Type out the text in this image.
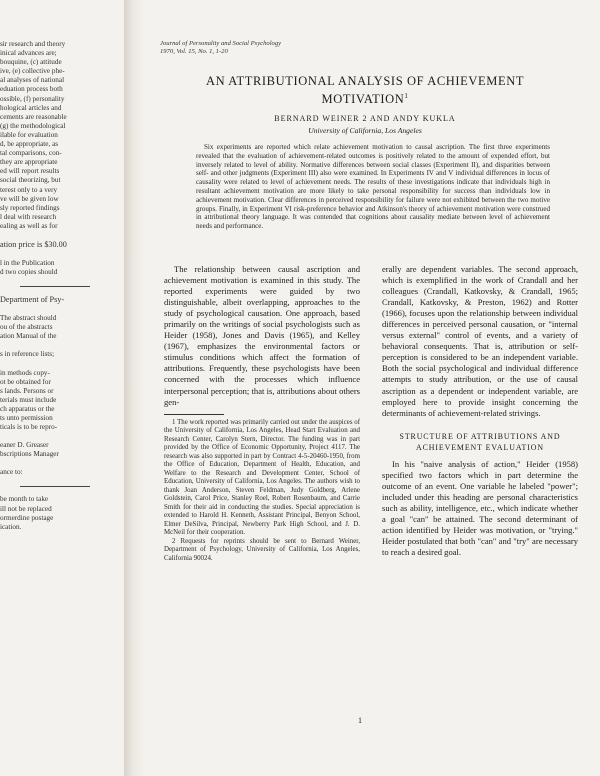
sir research and theory

inical advances are;

bouquine, (c) attitude

ive, (e) collective phe-

al analyses of national

eduation process both

ossible, (f) personality

hological articles and

cements are reasonable

(g) the methodological

ilable for evaluation

d, be appropriate, as

tal comparisons, con-

they are appropriate

ed will report results

social theorizing, but

terest only to a very

ve will be given low

sly reported findings

l deal with research

ealing as well as for

ation price is $30.00

l in the Publication

d two copies should

Department of Psy-

The abstract should

ou of the abstracts

ation Manual of the

s in reference lists;

in methods copy-

ot be obtained for

s lands. Persons or

terials must include

ch apparatus or the

ts unto permission

ticals is to be repro-

eaner D. Greaser

bscriptions Manager

ance to:

be month to take

ill not be replaced

ormerdine postage

ication.

Journal of Personality and Social Psychology

1970, Vol. 15, No. 1, 1-20

AN ATTRIBUTIONAL ANALYSIS OF ACHIEVEMENT
MOTIVATION$^1$
BERNARD WEINER 2 AND ANDY KUKLA
University of California, Los Angeles

Six experiments are reported which relate achievement motivation to causal ascription. The first three experiments revealed that the evaluation of achievement-related outcomes is positively related to the amount of expended effort, but inversely related to level of ability. Normative differences between social classes (Experiment II), and disparities between self- and other judgments (Experiment III) also were examined. In Experiments IV and V individual differences in locus of causality were related to level of achievement needs. The results of these investigations indicate that individuals high in resultant achievement motivation are more likely to take personal responsibility for success than individuals low in achievement motivation. Clear differences in perceived responsibility for failure were not exhibited between the two motive groups. Finally, in Experiment VI risk-preference behavior and Atkinson's theory of achievement motivation were construed in attributional theory language. It was contended that cognitions about causality mediate between level of achievement needs and performance.

The relationship between causal ascription and achievement motivation is examined in this study. The reported experiments were guided by two distinguishable, albeit overlapping, approaches to the study of psychological causation. One approach, based primarily on the writings of social psychologists such as Heider (1958), Jones and Davis (1965), and Kelley (1967), emphasizes the environmental factors or stimulus conditions which affect the formation of attributions. Frequently, these psychologists have been concerned with the processes which influence interpersonal perception; that is, attributions about others gen-

1 The work reported was primarily carried out under the auspices of the University of California, Los Angeles, Head Start Evaluation and Research Center, Carolyn Stern, Director. The funding was in part provided by the Office of Economic Opportunity, Project 4117. The research was also supported in part by Contract 4-5-20460-1950, from the Office of Education, Department of Health, Education, and Welfare to the Research and Development Center, School of Education, University of California, Los Angeles. The authors wish to thank Joan Anderson, Steven Feldman, Judy Goldberg, Arlene Goldstein, Carol Price, Stanley Roel, Robert Rosenbaum, and Carrie Smith for their aid in conducting the studies. Special appreciation is extended to Harold H. Kenneth, Assistant Principal, Benyon School, Elmer DeSilva, Principal, Newberry Park High School, and J. D. McNeil for their cooperation.

2 Requests for reprints should be sent to Bernard Weiner, Department of Psychology, University of California, Los Angeles, California 90024.

erally are dependent variables. The second approach, which is exemplified in the work of Crandall and her colleagues (Crandall, Katkovsky, & Crandall, 1965; Crandall, Katkovsky, & Preston, 1962) and Rotter (1966), focuses upon the relationship between individual differences in perceived personal causation, or "internal versus external" control of events, and a variety of behavioral consequents. That is, attribution or self-perception is considered to be an independent variable. Both the social psychological and individual difference attempts to study attribution, or the use of causal ascription as a dependent or independent variable, are employed here to provide insight concerning the determinants of achievement-related strivings.

STRUCTURE OF ATTRIBUTIONS AND
ACHIEVEMENT EVALUATION

In his "naive analysis of action," Heider (1958) specified two factors which in part determine the outcome of an event. One variable he labeled "power"; included under this heading are personal characteristics such as ability, intelligence, etc., which indicate whether a goal "can" be attained. The second determinant of action identified by Heider was motivation, or "trying." Heider postulated that both "can" and "try" are necessary to reach a desired goal.

1
